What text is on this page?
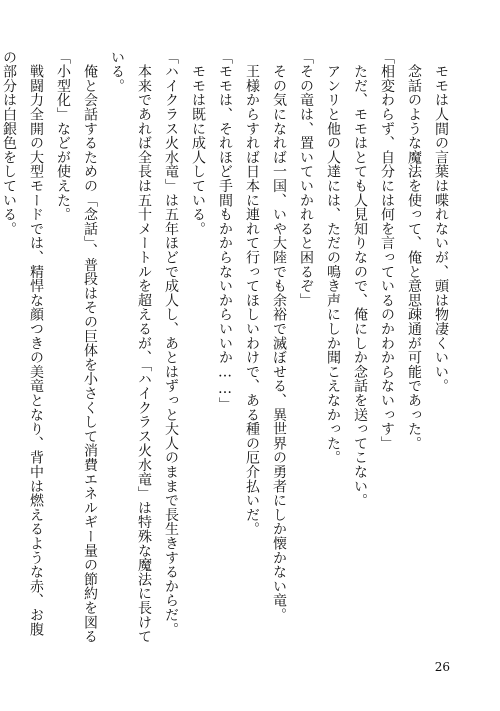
　モモは人間の言葉は喋れないが、頭は物凄くいい。

　念話のような魔法を使って、俺と意思疎通が可能であった。

「相変わらず、自分には何を言っているのかわからないっす」

　ただ、モモはとても人見知りなので、俺にしか念話を送ってこない。

　アンリと他の人達には、ただの鳴き声にしか聞こえなかった。

「その竜は、置いていかれると困るぞ」

　その気になれば一国、いや大陸でも余裕で滅ぼせる、異世界の勇者にしか懐かない竜。

　王様からすれば日本に連れて行ってほしいわけで、ある種の厄介払いだ。

「モモは、それほど手間もかからないからいいか……」

　モモは既に成人している。

「ハイクラス火水竜」は五年ほどで成人し、あとはずっと大人のままで長生きするからだ。

　本来であれば全長は五十メートルを超えるが、「ハイクラス火水竜」は特殊な魔法に長けている。

　俺と会話するための「念話」、普段はその巨体を小さくして消費エネルギー量の節約を図る「小型化」などが使えた。

　戦闘力全開の大型モードでは、精悍な顔つきの美竜となり、背中は燃えるような赤、お腹の部分は白銀色をしている。

26
